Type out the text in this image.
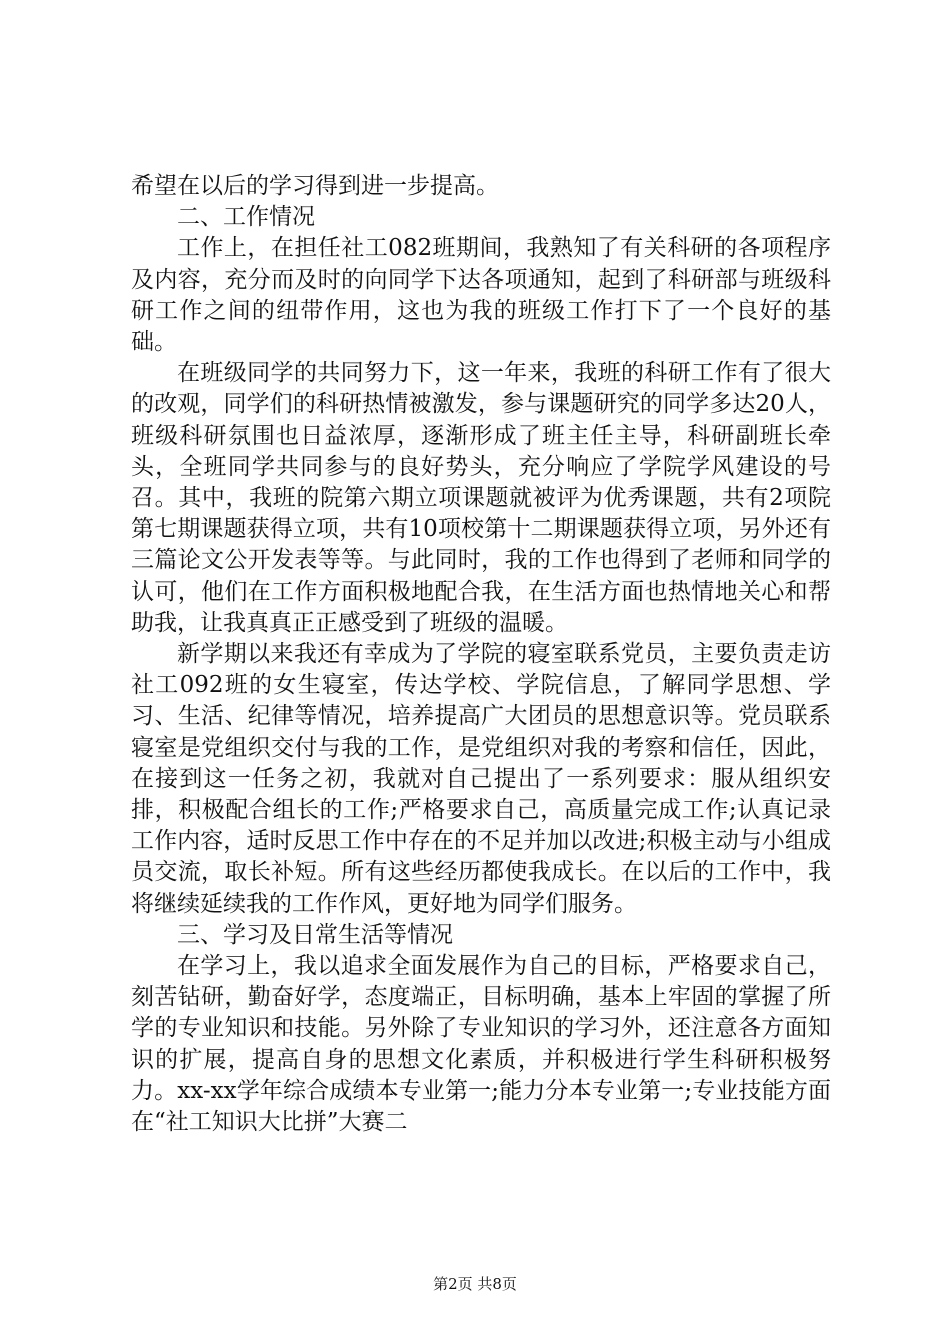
希望在以后的学习得到进一步提高。

二、工作情况

工作上，在担任社工082班期间，我熟知了有关科研的各项程序及内容，充分而及时的向同学下达各项通知，起到了科研部与班级科研工作之间的纽带作用，这也为我的班级工作打下了一个良好的基础。

在班级同学的共同努力下，这一年来，我班的科研工作有了很大的改观，同学们的科研热情被激发，参与课题研究的同学多达20人，班级科研氛围也日益浓厚，逐渐形成了班主任主导，科研副班长牵头，全班同学共同参与的良好势头，充分响应了学院学风建设的号召。其中，我班的院第六期立项课题就被评为优秀课题，共有2项院第七期课题获得立项，共有10项校第十二期课题获得立项，另外还有三篇论文公开发表等等。与此同时，我的工作也得到了老师和同学的认可，他们在工作方面积极地配合我，在生活方面也热情地关心和帮助我，让我真真正正感受到了班级的温暖。

新学期以来我还有幸成为了学院的寝室联系党员，主要负责走访社工092班的女生寝室，传达学校、学院信息，了解同学思想、学习、生活、纪律等情况，培养提高广大团员的思想意识等。党员联系寝室是党组织交付与我的工作，是党组织对我的考察和信任，因此，在接到这一任务之初，我就对自己提出了一系列要求：服从组织安排，积极配合组长的工作;严格要求自己，高质量完成工作;认真记录工作内容，适时反思工作中存在的不足并加以改进;积极主动与小组成员交流，取长补短。所有这些经历都使我成长。在以后的工作中，我将继续延续我的工作作风，更好地为同学们服务。

三、学习及日常生活等情况

在学习上，我以追求全面发展作为自己的目标，严格要求自己，刻苦钻研，勤奋好学，态度端正，目标明确，基本上牢固的掌握了所学的专业知识和技能。另外除了专业知识的学习外，还注意各方面知识的扩展，提高自身的思想文化素质，并积极进行学生科研积极努力。xx-xx学年综合成绩本专业第一;能力分本专业第一;专业技能方面在“社工知识大比拼”大赛二

第2页 共8页
